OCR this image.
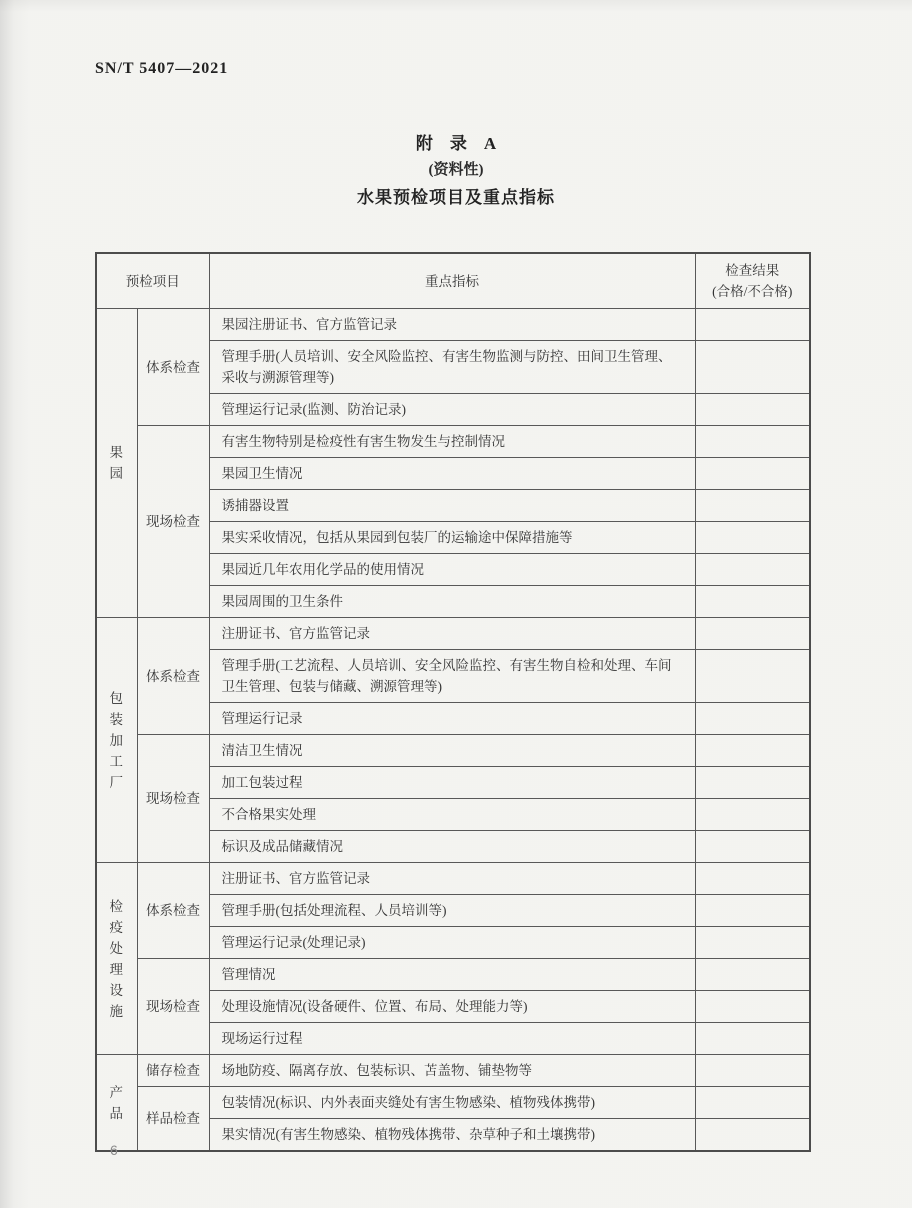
SN/T 5407—2021
附　录　A
(资料性)
水果预检项目及重点指标
预检项目		重点指标	检查结果
(合格/不合格)

果园	体系检查	果园注册证书、官方监管记录	
		管理手册(人员培训、安全风险监控、有害生物监测与防控、田间卫生管理、采收与溯源管理等)	
		管理运行记录(监测、防治记录)	
	现场检查	有害生物特别是检疫性有害生物发生与控制情况	
		果园卫生情况	
		诱捕器设置	
		果实采收情况，包括从果园到包装厂的运输途中保障措施等	
		果园近几年农用化学品的使用情况	
		果园周围的卫生条件	
包装加工厂	体系检查	注册证书、官方监管记录	
		管理手册(工艺流程、人员培训、安全风险监控、有害生物自检和处理、车间卫生管理、包装与储藏、溯源管理等)	
		管理运行记录	
	现场检查	清洁卫生情况	
		加工包装过程	
		不合格果实处理	
		标识及成品储藏情况	
检疫处理设施	体系检查	注册证书、官方监管记录	
		管理手册(包括处理流程、人员培训等)	
		管理运行记录(处理记录)	
	现场检查	管理情况	
		处理设施情况(设备硬件、位置、布局、处理能力等)	
		现场运行过程	
产品	储存检查	场地防疫、隔离存放、包装标识、苫盖物、铺垫物等	
	样品检查	包装情况(标识、内外表面夹缝处有害生物感染、植物残体携带)	
		果实情况(有害生物感染、植物残体携带、杂草种子和土壤携带)	
6
